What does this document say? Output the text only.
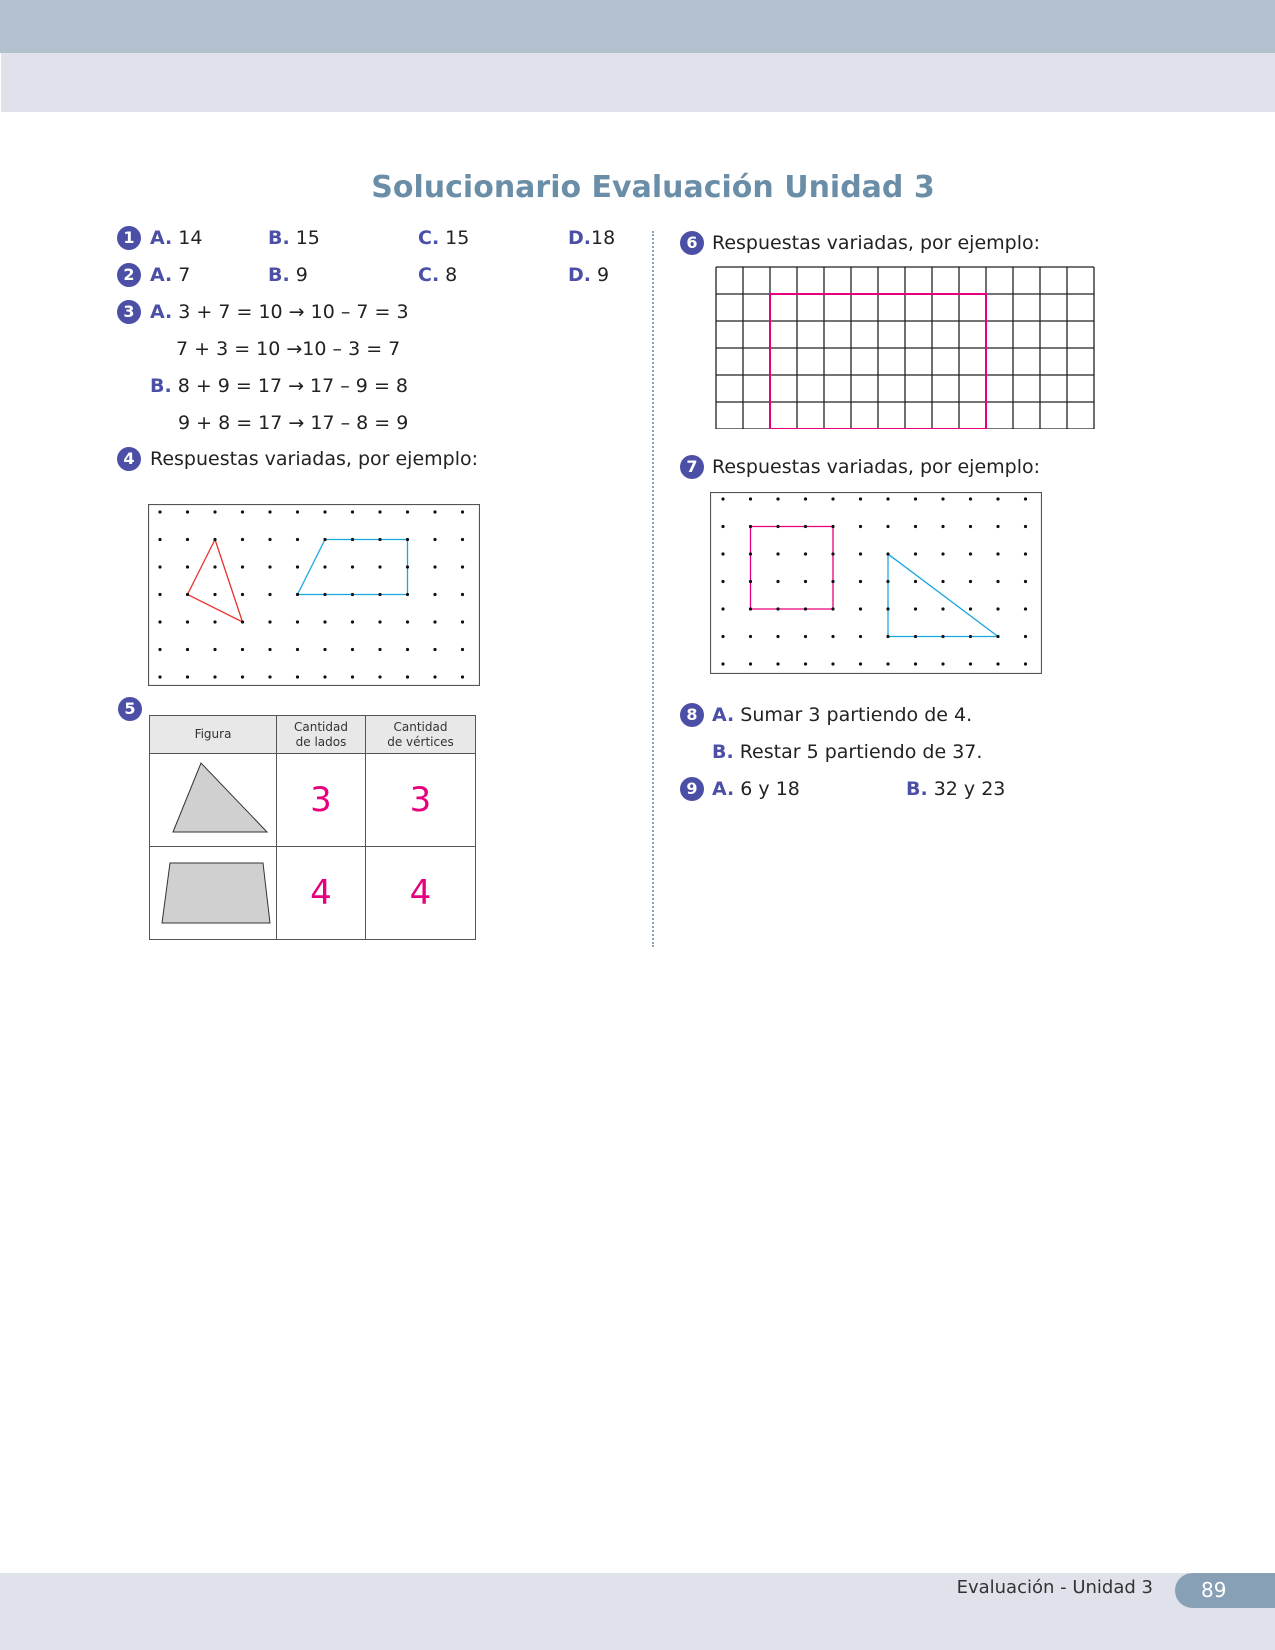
Solucionario Evaluación Unidad 3
1 A. 14	B. 15	C. 15	D.18
2 A. 7	B. 9	C. 8	D. 9
3 A. 3 + 7 = 10 → 10 – 7 = 3
7 + 3 = 10 →10 – 3 = 7
B. 8 + 9 = 17 → 17 – 9 = 8
9 + 8 = 17 → 17 – 8 = 9
4 Respuestas variadas, por ejemplo:
5
Figura	Cantidad de lados	Cantidad de vértices

	3	3
	4	4
6 Respuestas variadas, por ejemplo:
7 Respuestas variadas, por ejemplo:
8 A. Sumar 3 partiendo de 4.
B. Restar 5 partiendo de 37.
9 A. 6 y 18	B. 32 y 23
Evaluación - Unidad 3	89
